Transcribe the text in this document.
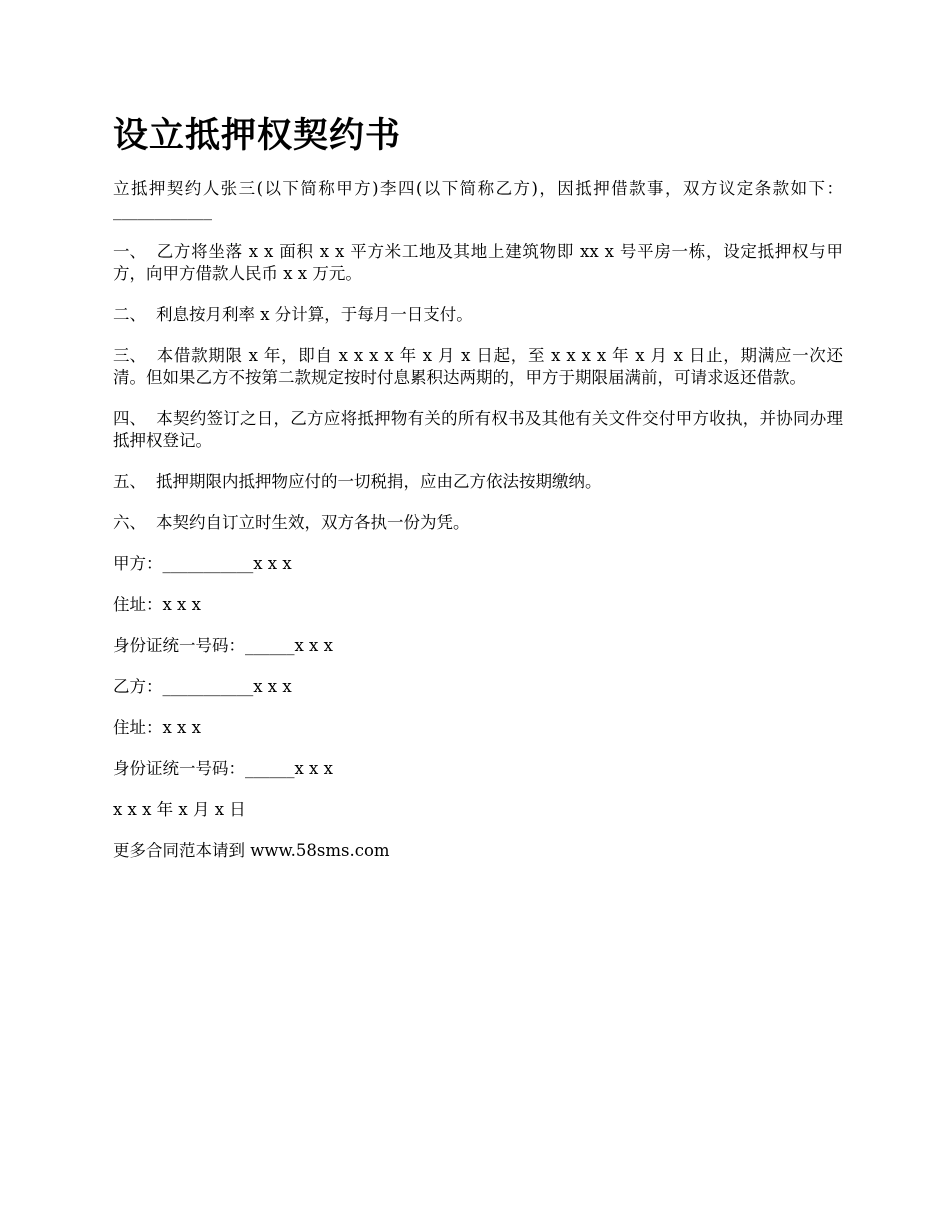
设立抵押权契约书

立抵押契约人张三(以下简称甲方)李四(以下简称乙方)，因抵押借款事，双方议定条款如下：____________

一、 乙方将坐落 x x 面积 x x 平方米工地及其地上建筑物即 xx x 号平房一栋，设定抵押权与甲方，向甲方借款人民币 x x 万元。

二、 利息按月利率 x 分计算，于每月一日支付。

三、 本借款期限 x 年，即自 x x x x 年 x 月 x 日起，至 x x x x 年 x 月 x 日止，期满应一次还清。但如果乙方不按第二款规定按时付息累积达两期的，甲方于期限届满前，可请求返还借款。

四、 本契约签订之日，乙方应将抵押物有关的所有权书及其他有关文件交付甲方收执，并协同办理抵押权登记。

五、 抵押期限内抵押物应付的一切税捐，应由乙方依法按期缴纳。

六、 本契约自订立时生效，双方各执一份为凭。

甲方：___________x x x

住址：x x x

身份证统一号码：______x x x

乙方：___________x x x

住址：x x x

身份证统一号码：______x x x

x x x 年 x 月 x 日

更多合同范本请到 www.58sms.com
